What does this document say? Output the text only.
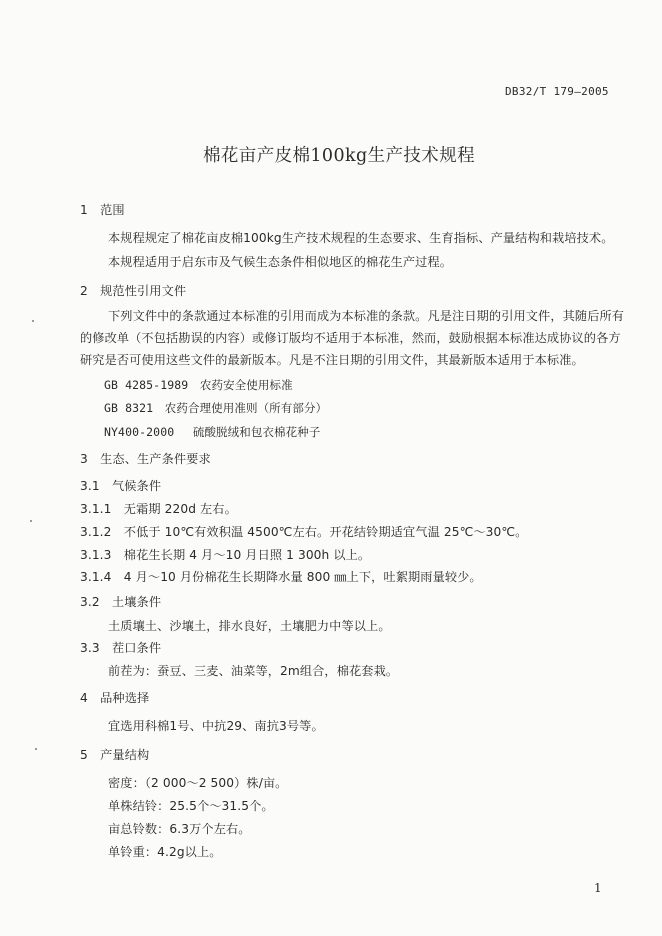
DB32/T 179—2005
棉花亩产皮棉100kg生产技术规程
1　范围
本规程规定了棉花亩皮棉100kg生产技术规程的生态要求、生育指标、产量结构和栽培技术。
本规程适用于启东市及气候生态条件相似地区的棉花生产过程。
2　规范性引用文件
下列文件中的条款通过本标准的引用而成为本标准的条款。凡是注日期的引用文件，其随后所有
的修改单（不包括勘误的内容）或修订版均不适用于本标准，然而，鼓励根据本标准达成协议的各方
研究是否可使用这些文件的最新版本。凡是不注日期的引用文件，其最新版本适用于本标准。
GB 4285-1989　农药安全使用标准
GB 8321　农药合理使用准则（所有部分）
NY400-2000　 硫酸脱绒和包衣棉花种子
3　生态、生产条件要求
3.1　气候条件
3.1.1　无霜期 220d 左右。
3.1.2　不低于 10℃有效积温 4500℃左右。开花结铃期适宜气温 25℃～30℃。
3.1.3　棉花生长期 4 月～10 月日照 1 300h 以上。
3.1.4　4 月～10 月份棉花生长期降水量 800 ㎜上下，吐絮期雨量较少。
3.2　土壤条件
土质壤土、沙壤土，排水良好，土壤肥力中等以上。
3.3　茬口条件
前茬为：蚕豆、三麦、油菜等，2m组合，棉花套栽。
4　品种选择
宜选用科棉1号、中抗29、南抗3号等。
5　产量结构
密度：（2 000～2 500）株/亩。
单株结铃：25.5个～31.5个。
亩总铃数：6.3万个左右。
单铃重：4.2g以上。
1
